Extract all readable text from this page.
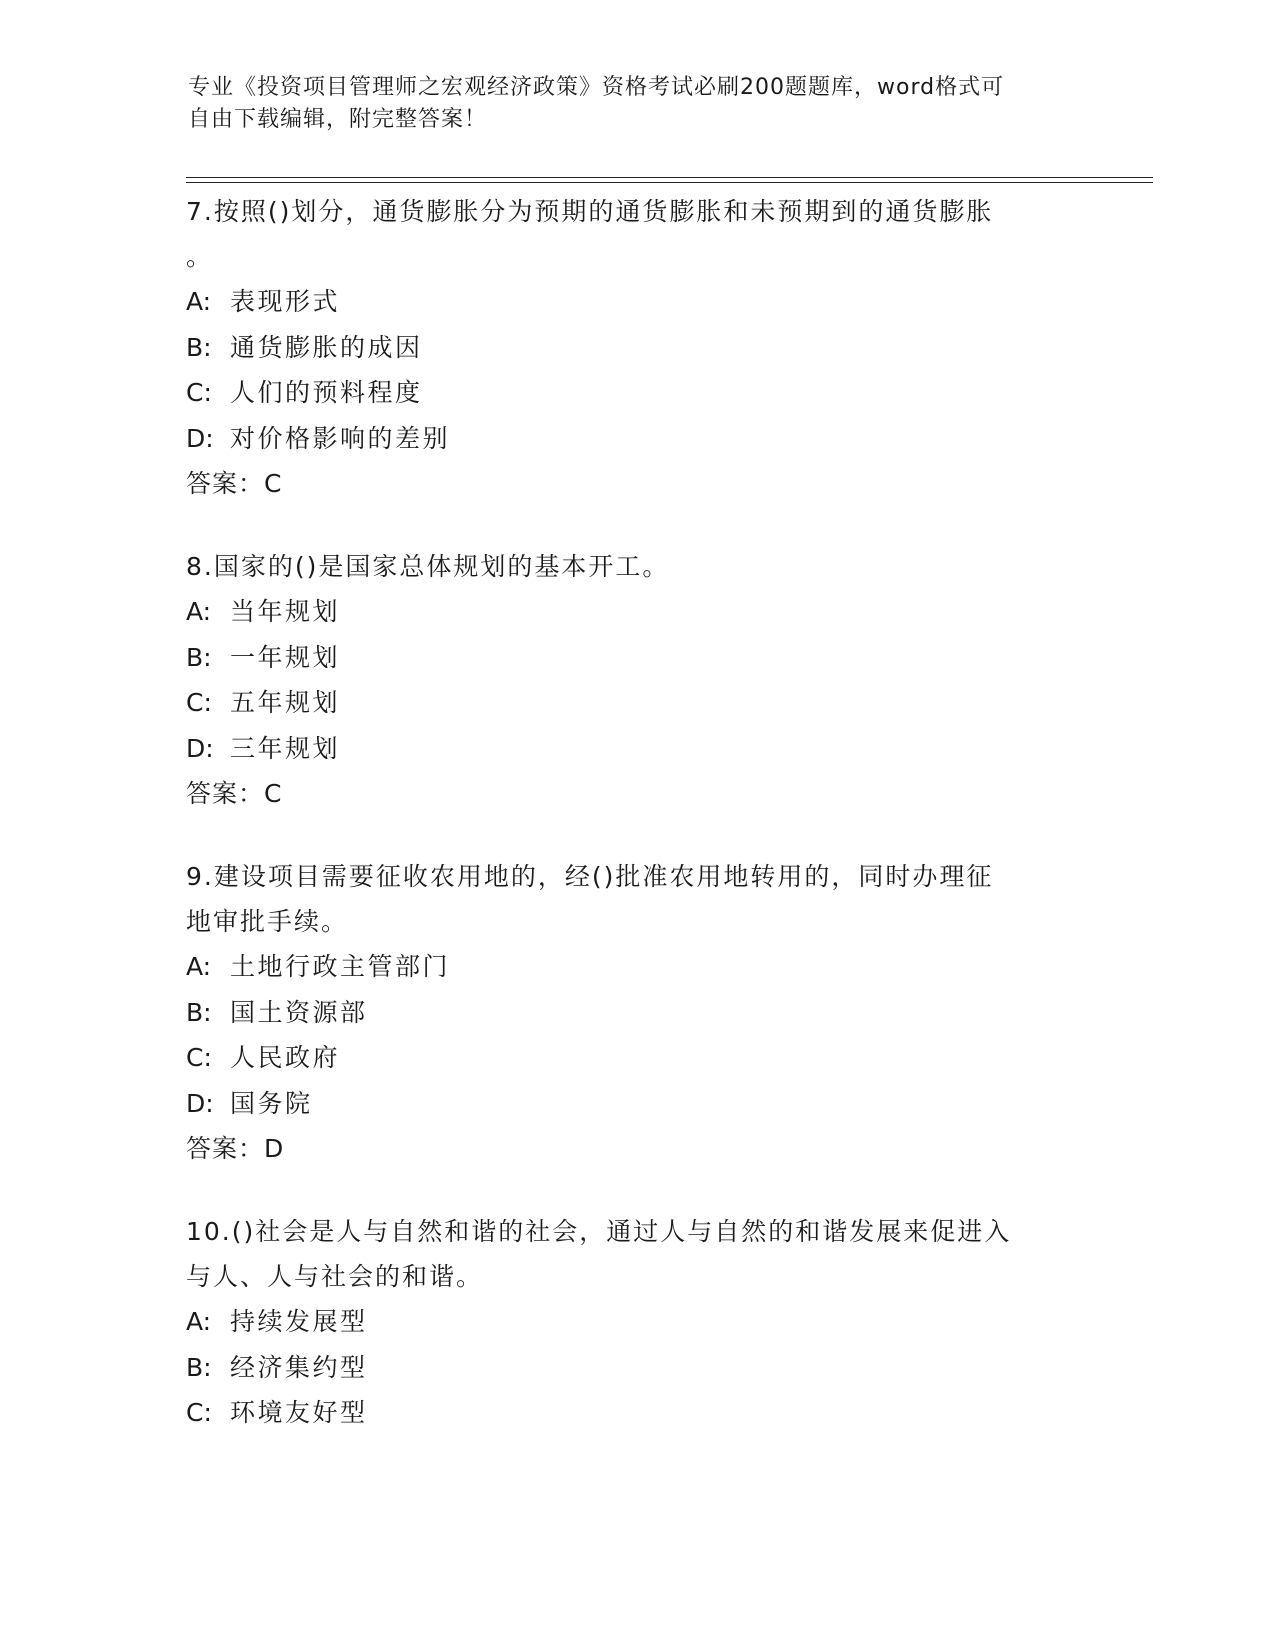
专业《投资项目管理师之宏观经济政策》资格考试必刷200题题库，word格式可
自由下载编辑，附完整答案！

7.按照()划分，通货膨胀分为预期的通货膨胀和未预期到的通货膨胀

。

A: 表现形式

B: 通货膨胀的成因

C: 人们的预料程度

D: 对价格影响的差别

答案：C

8.国家的()是国家总体规划的基本开工。

A: 当年规划

B: 一年规划

C: 五年规划

D: 三年规划

答案：C

9.建设项目需要征收农用地的，经()批准农用地转用的，同时办理征

地审批手续。

A: 土地行政主管部门

B: 国土资源部

C: 人民政府

D: 国务院

答案：D

10.()社会是人与自然和谐的社会，通过人与自然的和谐发展来促进入

与人、人与社会的和谐。

A: 持续发展型

B: 经济集约型

C: 环境友好型
